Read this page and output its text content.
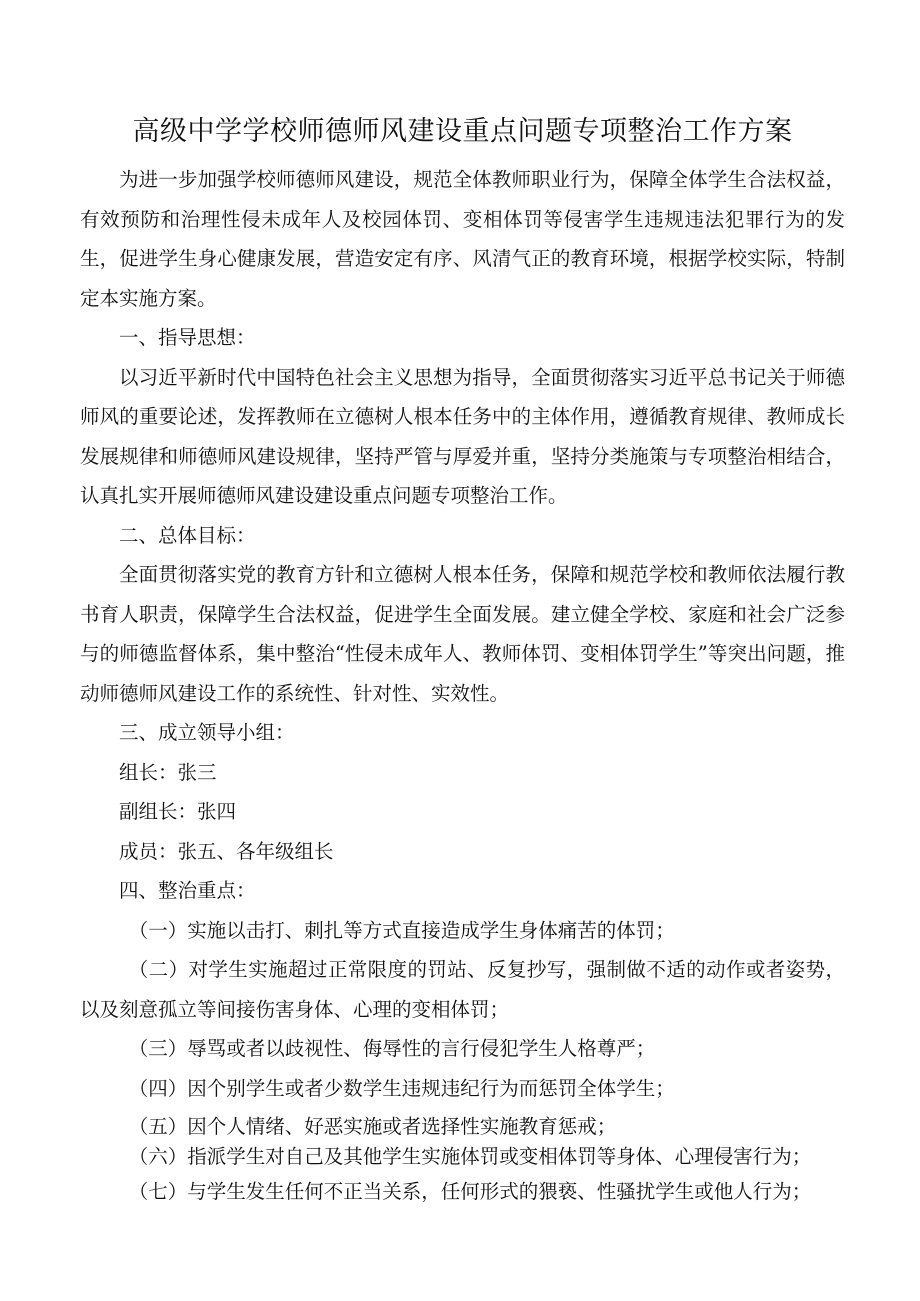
高级中学学校师德师风建设重点问题专项整治工作方案

为进一步加强学校师德师风建设，规范全体教师职业行为，保障全体学生合法权益，有效预防和治理性侵未成年人及校园体罚、变相体罚等侵害学生违规违法犯罪行为的发生，促进学生身心健康发展，营造安定有序、风清气正的教育环境，根据学校实际，特制定本实施方案。

一、指导思想：

以习近平新时代中国特色社会主义思想为指导，全面贯彻落实习近平总书记关于师德师风的重要论述，发挥教师在立德树人根本任务中的主体作用，遵循教育规律、教师成长发展规律和师德师风建设规律，坚持严管与厚爱并重，坚持分类施策与专项整治相结合，认真扎实开展师德师风建设建设重点问题专项整治工作。

二、总体目标：

全面贯彻落实党的教育方针和立德树人根本任务，保障和规范学校和教师依法履行教书育人职责，保障学生合法权益，促进学生全面发展。建立健全学校、家庭和社会广泛参与的师德监督体系，集中整治“性侵未成年人、教师体罚、变相体罚学生”等突出问题，推动师德师风建设工作的系统性、针对性、实效性。

三、成立领导小组：

组长：张三

副组长：张四

成员：张五、各年级组长

四、整治重点：

（一）实施以击打、刺扎等方式直接造成学生身体痛苦的体罚；

（二）对学生实施超过正常限度的罚站、反复抄写，强制做不适的动作或者姿势，以及刻意孤立等间接伤害身体、心理的变相体罚；

（三）辱骂或者以歧视性、侮辱性的言行侵犯学生人格尊严；

（四）因个别学生或者少数学生违规违纪行为而惩罚全体学生；

（五）因个人情绪、好恶实施或者选择性实施教育惩戒；

（六）指派学生对自己及其他学生实施体罚或变相体罚等身体、心理侵害行为；

（七）与学生发生任何不正当关系，任何形式的猥亵、性骚扰学生或他人行为；
